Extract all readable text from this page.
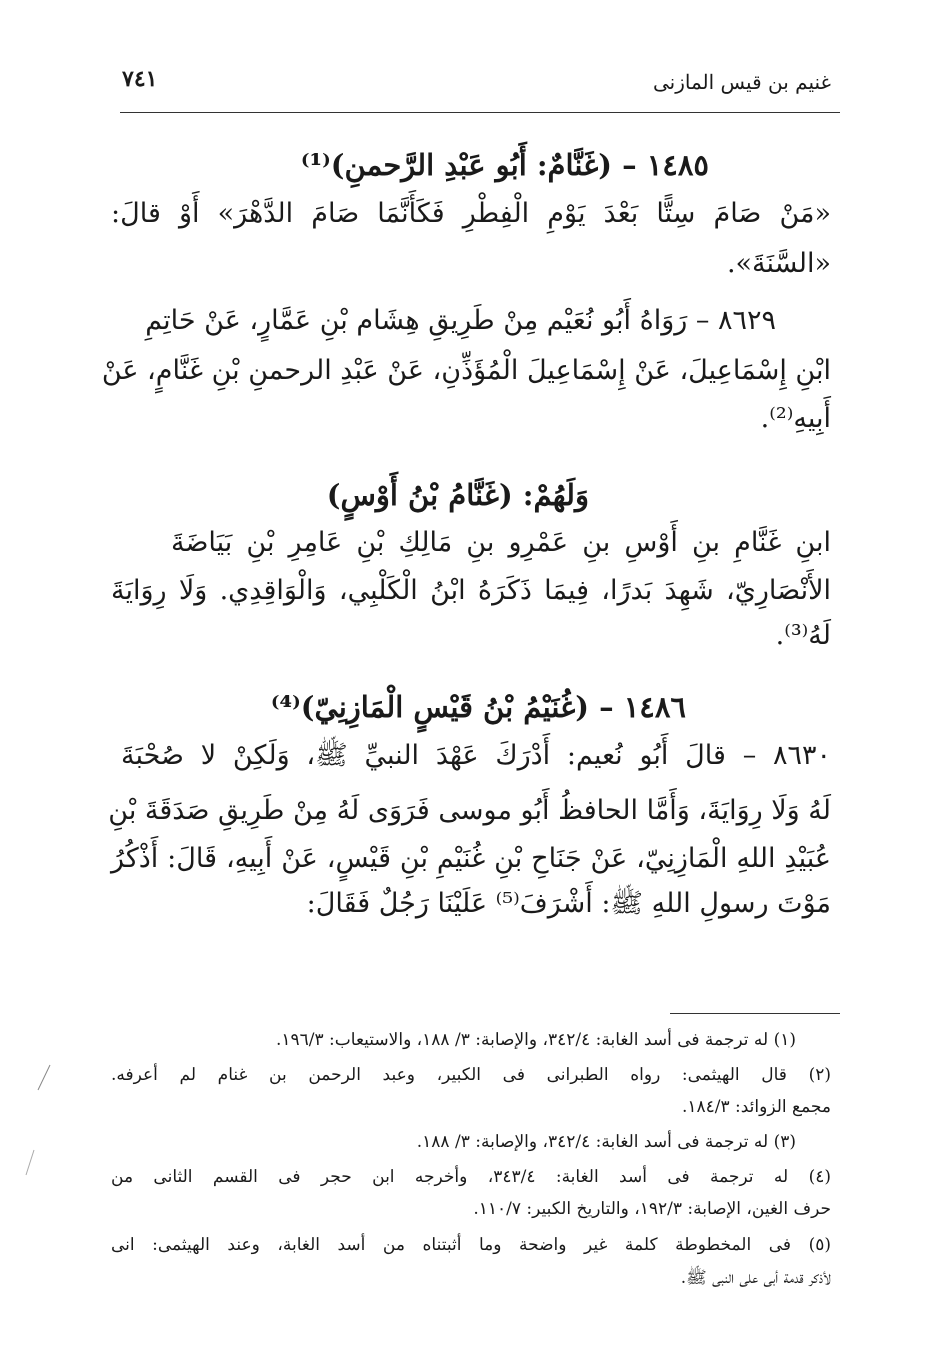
غنيم بن قيس المازنى
٧٤١
١٤٨٥ – (غَنَّامٌ: أَبُو عَبْدِ الرَّحمنِ)⁽¹⁾
«مَنْ صَامَ سِتًّا بَعْدَ يَوْمِ الْفِطْرِ فَكَأَنَّمَا صَامَ الدَّهْرَ» أَوْ قالَ:
«السَّنَةَ».
٨٦٢٩ – رَوَاهُ أَبُو نُعَيْم مِنْ طَرِيقِ هِشَام بْنِ عَمَّارٍ، عَنْ حَاتِمِ
ابْنِ إِسْمَاعِيلَ، عَنْ إِسْمَاعِيلَ الْمُؤَذِّنِ، عَنْ عَبْدِ الرحمنِ بْنِ غَنَّامٍ، عَنْ
أَبِيهِ⁽²⁾.
وَلَهُمْ: (غَنَّامُ بْنُ أَوْسٍ)
ابنِ غَنَّامِ بنِ أَوْسِ بنِ عَمْرِو بنِ مَالِكِ بْنِ عَامِرِ بْنِ بَيَاضَةَ
الأَنْصَارِيّ، شَهِدَ بَدرًا، فِيمَا ذَكَرَهُ ابْنُ الْكَلْبِي، وَالْوَاقِدِي. وَلَا رِوَايَةَ
لَهُ⁽³⁾.
١٤٨٦ – (غُنَيْمُ بْنُ قَيْسٍ الْمَازِنِيّ)⁽⁴⁾
٨٦٣٠ – قالَ أَبُو نُعيم: أَدْرَكَ عَهْدَ النبيِّ ﷺ، وَلَكِنْ لا صُحْبَةَ
لَهُ وَلَا رِوَايَةَ، وَأَمَّا الحافظُ أَبُو موسى فَرَوَى لَهُ مِنْ طَرِيقِ صَدَقَةَ بْنِ
عُبَيْدِ اللهِ الْمَازِنِيّ، عَنْ جَنَاحِ بْنِ غُنَيْمِ بْنِ قَيْسٍ، عَنْ أَبِيهِ، قَالَ: أَذْكُرُ
مَوْتَ رسولِ اللهِ ﷺ: أَشْرَفَ⁽⁵⁾ عَلَيْنَا رَجُلٌ فَقَالَ:
(١) له ترجمة فى أسد الغابة: ٣٤٢/٤، والإصابة: ٣/ ١٨٨، والاستيعاب: ١٩٦/٣.
(٢) قال الهيثمى: رواه الطبرانى فى الكبير، وعبد الرحمن بن غنام لم أعرفه.
مجمع الزوائد: ١٨٤/٣.
(٣) له ترجمة فى أسد الغابة: ٣٤٢/٤، والإصابة: ٣/ ١٨٨.
(٤) له ترجمة فى أسد الغابة: ٣٤٣/٤، وأخرجه ابن حجر فى القسم الثانى من
حرف الغين، الإصابة: ١٩٢/٣، والتاريخ الكبير: ١١٠/٧.
(٥) فى المخطوطة كلمة غير واضحة وما أثبتناه من أسد الغابة، وعند الهيثمى: انى
لأذكر قدمة أبى على النبى ﷺ.
